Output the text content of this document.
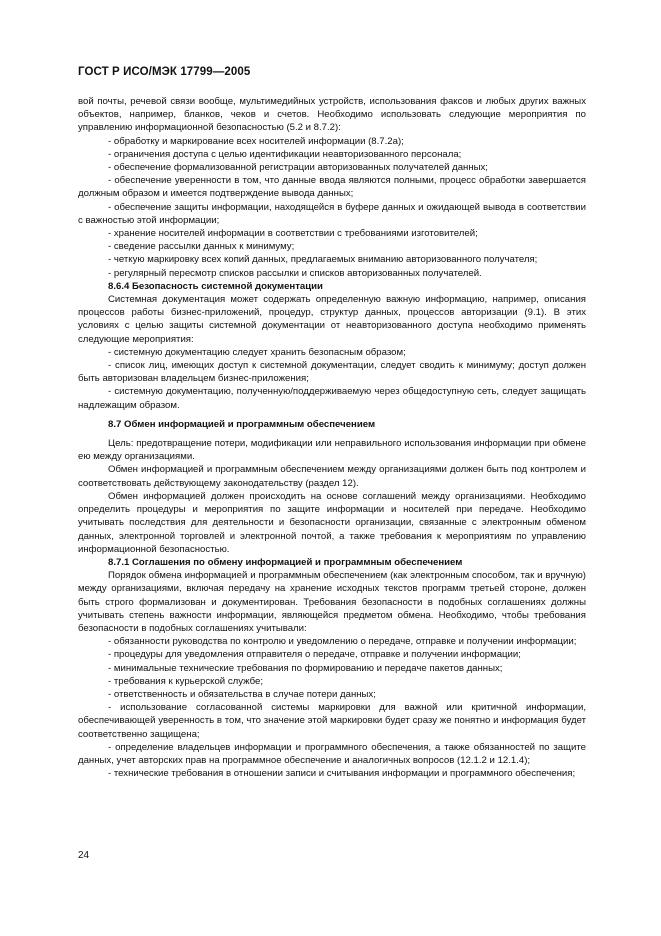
ГОСТ Р ИСО/МЭК 17799—2005

вой почты, речевой связи вообще, мультимедийных устройств, использования факсов и любых других важных объектов, например, бланков, чеков и счетов. Необходимо использовать следующие мероприятия по управлению информационной безопасностью (5.2 и 8.7.2):

- обработку и маркирование всех носителей информации (8.7.2а);

- ограничения доступа с целью идентификации неавторизованного персонала;

- обеспечение формализованной регистрации авторизованных получателей данных;

- обеспечение уверенности в том, что данные ввода являются полными, процесс обработки завершается должным образом и имеется подтверждение вывода данных;

- обеспечение защиты информации, находящейся в буфере данных и ожидающей вывода в соответствии с важностью этой информации;

- хранение носителей информации в соответствии с требованиями изготовителей;

- сведение рассылки данных к минимуму;

- четкую маркировку всех копий данных, предлагаемых вниманию авторизованного получателя;

- регулярный пересмотр списков рассылки и списков авторизованных получателей.

8.6.4 Безопасность системной документации

Системная документация может содержать определенную важную информацию, например, описания процессов работы бизнес-приложений, процедур, структур данных, процессов авторизации (9.1). В этих условиях с целью защиты системной документации от неавторизованного доступа необходимо применять следующие мероприятия:

- системную документацию следует хранить безопасным образом;

- список лиц, имеющих доступ к системной документации, следует сводить к минимуму; доступ должен быть авторизован владельцем бизнес-приложения;

- системную документацию, полученную/поддерживаемую через общедоступную сеть, следует защищать надлежащим образом.

8.7 Обмен информацией и программным обеспечением

Цель: предотвращение потери, модификации или неправильного использования информации при обмене ею между организациями.

Обмен информацией и программным обеспечением между организациями должен быть под контролем и соответствовать действующему законодательству (раздел 12).

Обмен информацией должен происходить на основе соглашений между организациями. Необходимо определить процедуры и мероприятия по защите информации и носителей при передаче. Необходимо учитывать последствия для деятельности и безопасности организации, связанные с электронным обменом данных, электронной торговлей и электронной почтой, а также требования к мероприятиям по управлению информационной безопасностью.

8.7.1 Соглашения по обмену информацией и программным обеспечением

Порядок обмена информацией и программным обеспечением (как электронным способом, так и вручную) между организациями, включая передачу на хранение исходных текстов программ третьей стороне, должен быть строго формализован и документирован. Требования безопасности в подобных соглашениях должны учитывать степень важности информации, являющейся предметом обмена. Необходимо, чтобы требования безопасности в подобных соглашениях учитывали:

- обязанности руководства по контролю и уведомлению о передаче, отправке и получении информации;

- процедуры для уведомления отправителя о передаче, отправке и получении информации;

- минимальные технические требования по формированию и передаче пакетов данных;

- требования к курьерской службе;

- ответственность и обязательства в случае потери данных;

- использование согласованной системы маркировки для важной или критичной информации, обеспечивающей уверенность в том, что значение этой маркировки будет сразу же понятно и информация будет соответственно защищена;

- определение владельцев информации и программного обеспечения, а также обязанностей по защите данных, учет авторских прав на программное обеспечение и аналогичных вопросов (12.1.2 и 12.1.4);

- технические требования в отношении записи и считывания информации и программного обеспечения;

24
